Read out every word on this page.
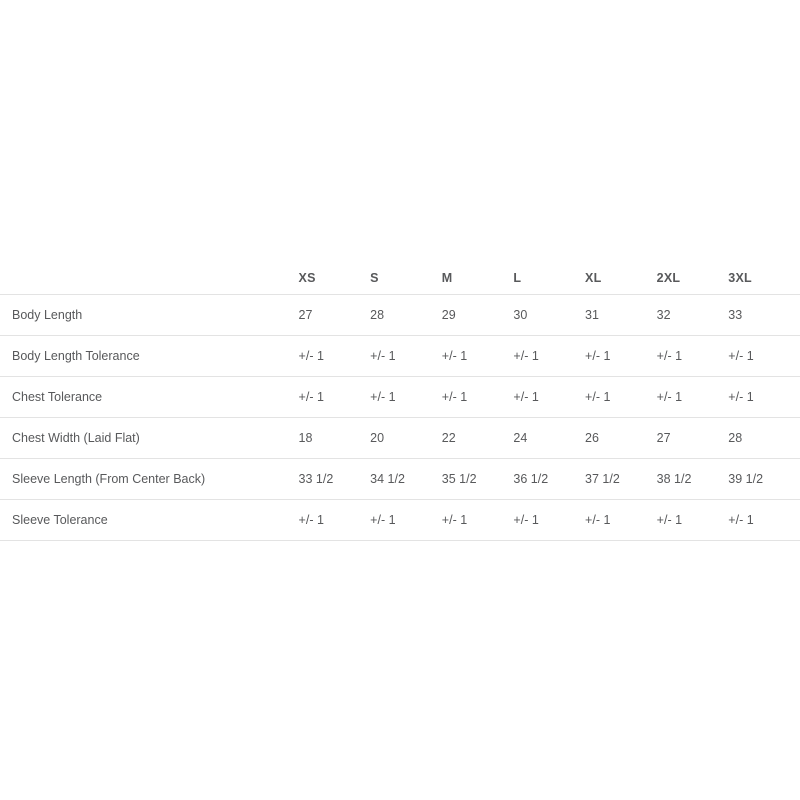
	XS	S	M	L	XL	2XL	3XL
Body Length	27	28	29	30	31	32	33
Body Length Tolerance	+/- 1	+/- 1	+/- 1	+/- 1	+/- 1	+/- 1	+/- 1
Chest Tolerance	+/- 1	+/- 1	+/- 1	+/- 1	+/- 1	+/- 1	+/- 1
Chest Width (Laid Flat)	18	20	22	24	26	27	28
Sleeve Length (From Center Back)	33 1/2	34 1/2	35 1/2	36 1/2	37 1/2	38 1/2	39 1/2
Sleeve Tolerance	+/- 1	+/- 1	+/- 1	+/- 1	+/- 1	+/- 1	+/- 1
